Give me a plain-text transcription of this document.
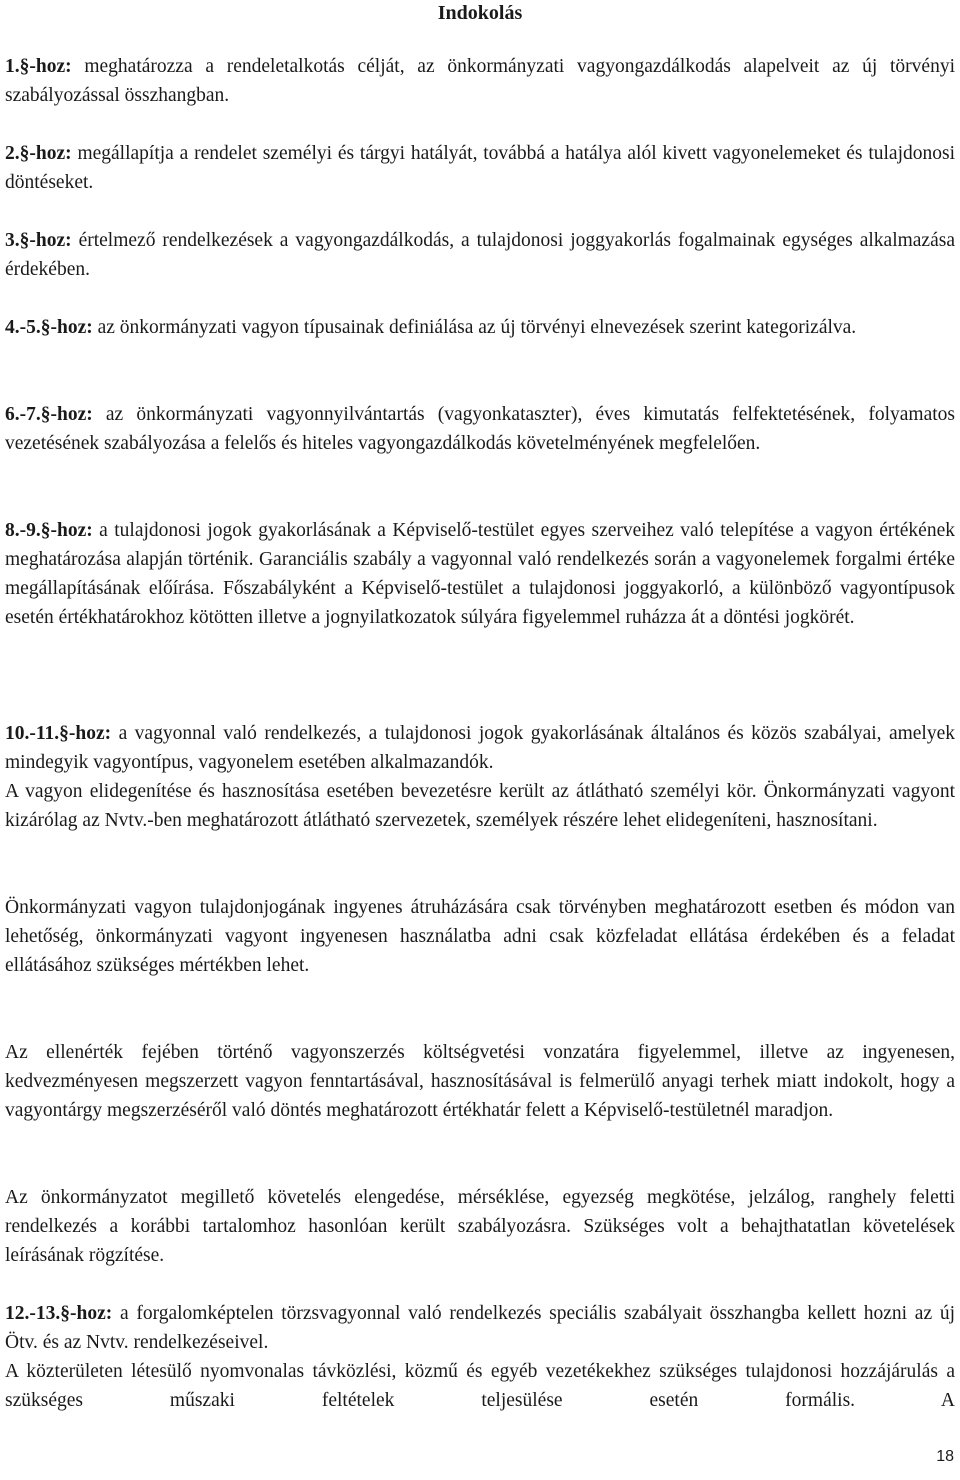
Indokolás

1.§-hoz: meghatározza a rendeletalkotás célját, az önkormányzati vagyongazdálkodás alapelveit az új törvényi szabályozással összhangban.

2.§-hoz: megállapítja a rendelet személyi és tárgyi hatályát, továbbá a hatálya alól kivett vagyonelemeket és tulajdonosi döntéseket.

3.§-hoz: értelmező rendelkezések a vagyongazdálkodás, a tulajdonosi joggyakorlás fogalmainak egységes alkalmazása érdekében.

4.-5.§-hoz: az önkormányzati vagyon típusainak definiálása az új törvényi elnevezések szerint kategorizálva.

6.-7.§-hoz: az önkormányzati vagyonnyilvántartás (vagyonkataszter), éves kimutatás felfektetésének, folyamatos vezetésének szabályozása a felelős és hiteles vagyongazdálkodás követelményének megfelelően.

8.-9.§-hoz: a tulajdonosi jogok gyakorlásának a Képviselő-testület egyes szerveihez való telepítése a vagyon értékének meghatározása alapján történik. Garanciális szabály a vagyonnal való rendelkezés során a vagyonelemek forgalmi értéke megállapításának előírása. Főszabályként a Képviselő-testület a tulajdonosi joggyakorló, a különböző vagyontípusok esetén értékhatárokhoz kötötten illetve a jognyilatkozatok súlyára figyelemmel ruházza át a döntési jogkörét.

10.-11.§-hoz: a vagyonnal való rendelkezés, a tulajdonosi jogok gyakorlásának általános és közös szabályai, amelyek mindegyik vagyontípus, vagyonelem esetében alkalmazandók.

A vagyon elidegenítése és hasznosítása esetében bevezetésre került az átlátható személyi kör. Önkormányzati vagyont kizárólag az Nvtv.-ben meghatározott átlátható szervezetek, személyek részére lehet elidegeníteni, hasznosítani.

Önkormányzati vagyon tulajdonjogának ingyenes átruházására csak törvényben meghatározott esetben és módon van lehetőség, önkormányzati vagyont ingyenesen használatba adni csak közfeladat ellátása érdekében és a feladat ellátásához szükséges mértékben lehet.

Az ellenérték fejében történő vagyonszerzés költségvetési vonzatára figyelemmel, illetve az ingyenesen, kedvezményesen megszerzett vagyon fenntartásával, hasznosításával is felmerülő anyagi terhek miatt indokolt, hogy a vagyontárgy megszerzéséről való döntés meghatározott értékhatár felett a Képviselő-testületnél maradjon.

Az önkormányzatot megillető követelés elengedése, mérséklése, egyezség megkötése, jelzálog, ranghely feletti rendelkezés a korábbi tartalomhoz hasonlóan került szabályozásra. Szükséges volt a behajthatatlan követelések leírásának rögzítése.

12.-13.§-hoz: a forgalomképtelen törzsvagyonnal való rendelkezés speciális szabályait összhangba kellett hozni az új Ötv. és az Nvtv. rendelkezéseivel.

A közterületen létesülő nyomvonalas távközlési, közmű és egyéb vezetékekhez szükséges tulajdonosi hozzájárulás a szükséges műszaki feltételek teljesülése esetén formális. A

18
